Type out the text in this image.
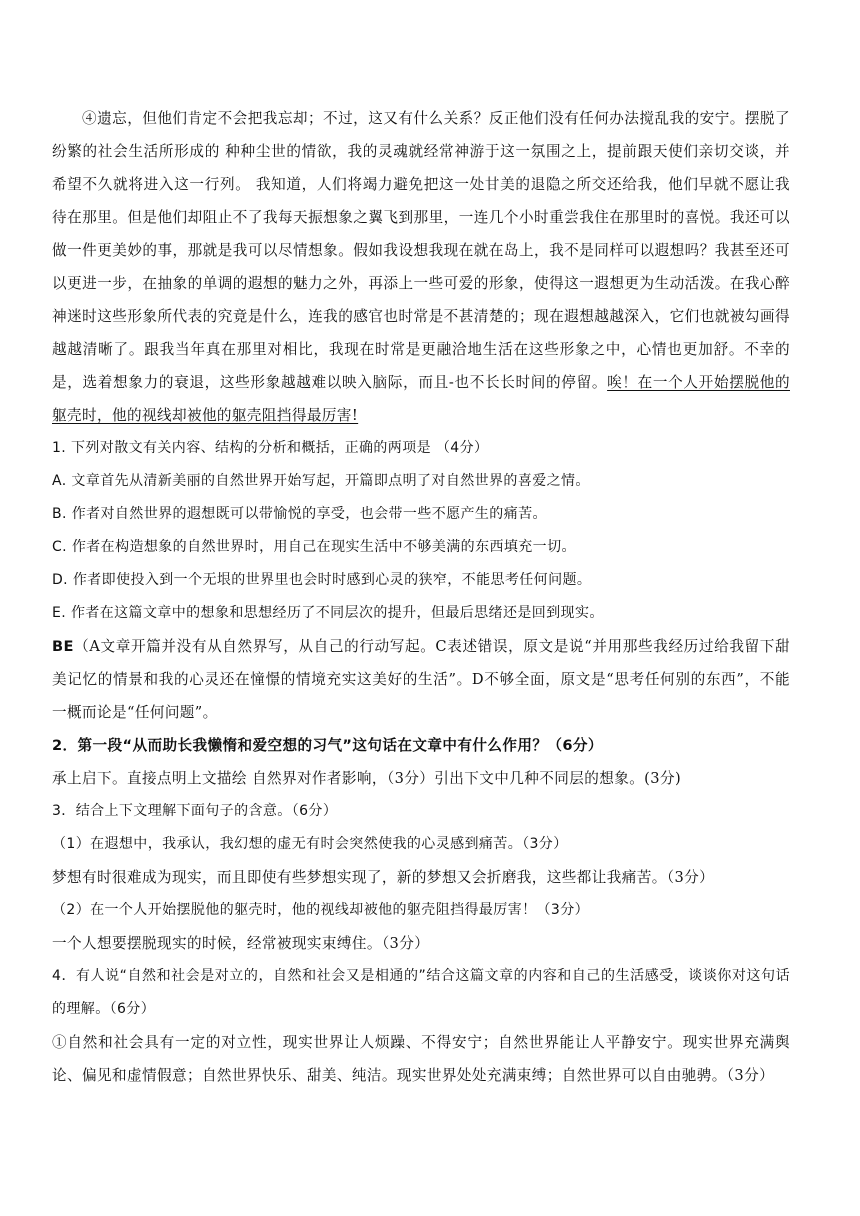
④遗忘，但他们肯定不会把我忘却；不过，这又有什么关系？反正他们没有任何办法搅乱我的安宁。摆脱了纷繁的社会生活所形成的 种种尘世的情欲，我的灵魂就经常神游于这一氛围之上，提前跟天使们亲切交谈，并希望不久就将进入这一行列。 我知道，人们将竭力避免把这一处甘美的退隐之所交还给我，他们早就不愿让我待在那里。但是他们却阻止不了我每天振想象之翼飞到那里，一连几个小时重尝我住在那里时的喜悦。我还可以做一件更美妙的事，那就是我可以尽情想象。假如我设想我现在就在岛上，我不是同样可以遐想吗？我甚至还可以更进一步，在抽象的单调的遐想的魅力之外，再添上一些可爱的形象，使得这一遐想更为生动活泼。在我心醉神迷时这些形象所代表的究竟是什么，连我的感官也时常是不甚清楚的；现在遐想越越深入，它们也就被勾画得越越清晰了。跟我当年真在那里对相比，我现在时常是更融洽地生活在这些形象之中，心情也更加舒。不幸的是，选着想象力的衰退，这些形象越越难以映入脑际，而且-也不长长时间的停留。唉！在一个人开始摆脱他的躯壳时，他的视线却被他的躯壳阻挡得最厉害!

1. 下列对散文有关内容、结构的分析和概括，正确的两项是 （4分）

A. 文章首先从清新美丽的自然世界开始写起，开篇即点明了对自然世界的喜爱之情。

B. 作者对自然世界的遐想既可以带愉悦的享受，也会带一些不愿产生的痛苦。

C. 作者在构造想象的自然世界时，用自己在现实生活中不够美满的东西填充一切。

D. 作者即使投入到一个无垠的世界里也会时时感到心灵的狭窄，不能思考任何问题。

E. 作者在这篇文章中的想象和思想经历了不同层次的提升，但最后思绪还是回到现实。

BE（A文章开篇并没有从自然界写，从自己的行动写起。C表述错误，原文是说“并用那些我经历过给我留下甜美记忆的情景和我的心灵还在憧憬的情境充实这美好的生活”。D不够全面，原文是“思考任何别的东西”，不能一概而论是“任何问题”。

2．第一段“从而助长我懒惰和爱空想的习气”这句话在文章中有什么作用？（6分）

承上启下。直接点明上文描绘 自然界对作者影响，（3分）引出下文中几种不同层的想象。(3分)

3．结合上下文理解下面句子的含意。（6分）

（1）在遐想中，我承认，我幻想的虚无有时会突然使我的心灵感到痛苦。（3分）

梦想有时很难成为现实，而且即使有些梦想实现了，新的梦想又会折磨我，这些都让我痛苦。（3分）

（2）在一个人开始摆脱他的躯壳时，他的视线却被他的躯壳阻挡得最厉害！（3分）

一个人想要摆脱现实的时候，经常被现实束缚住。（3分）

4．有人说“自然和社会是对立的，自然和社会又是相通的”结合这篇文章的内容和自己的生活感受，谈谈你对这句话的理解。（6分）

①自然和社会具有一定的对立性，现实世界让人烦躁、不得安宁；自然世界能让人平静安宁。现实世界充满舆论、偏见和虚情假意；自然世界快乐、甜美、纯洁。现实世界处处充满束缚；自然世界可以自由驰骋。（3分）
